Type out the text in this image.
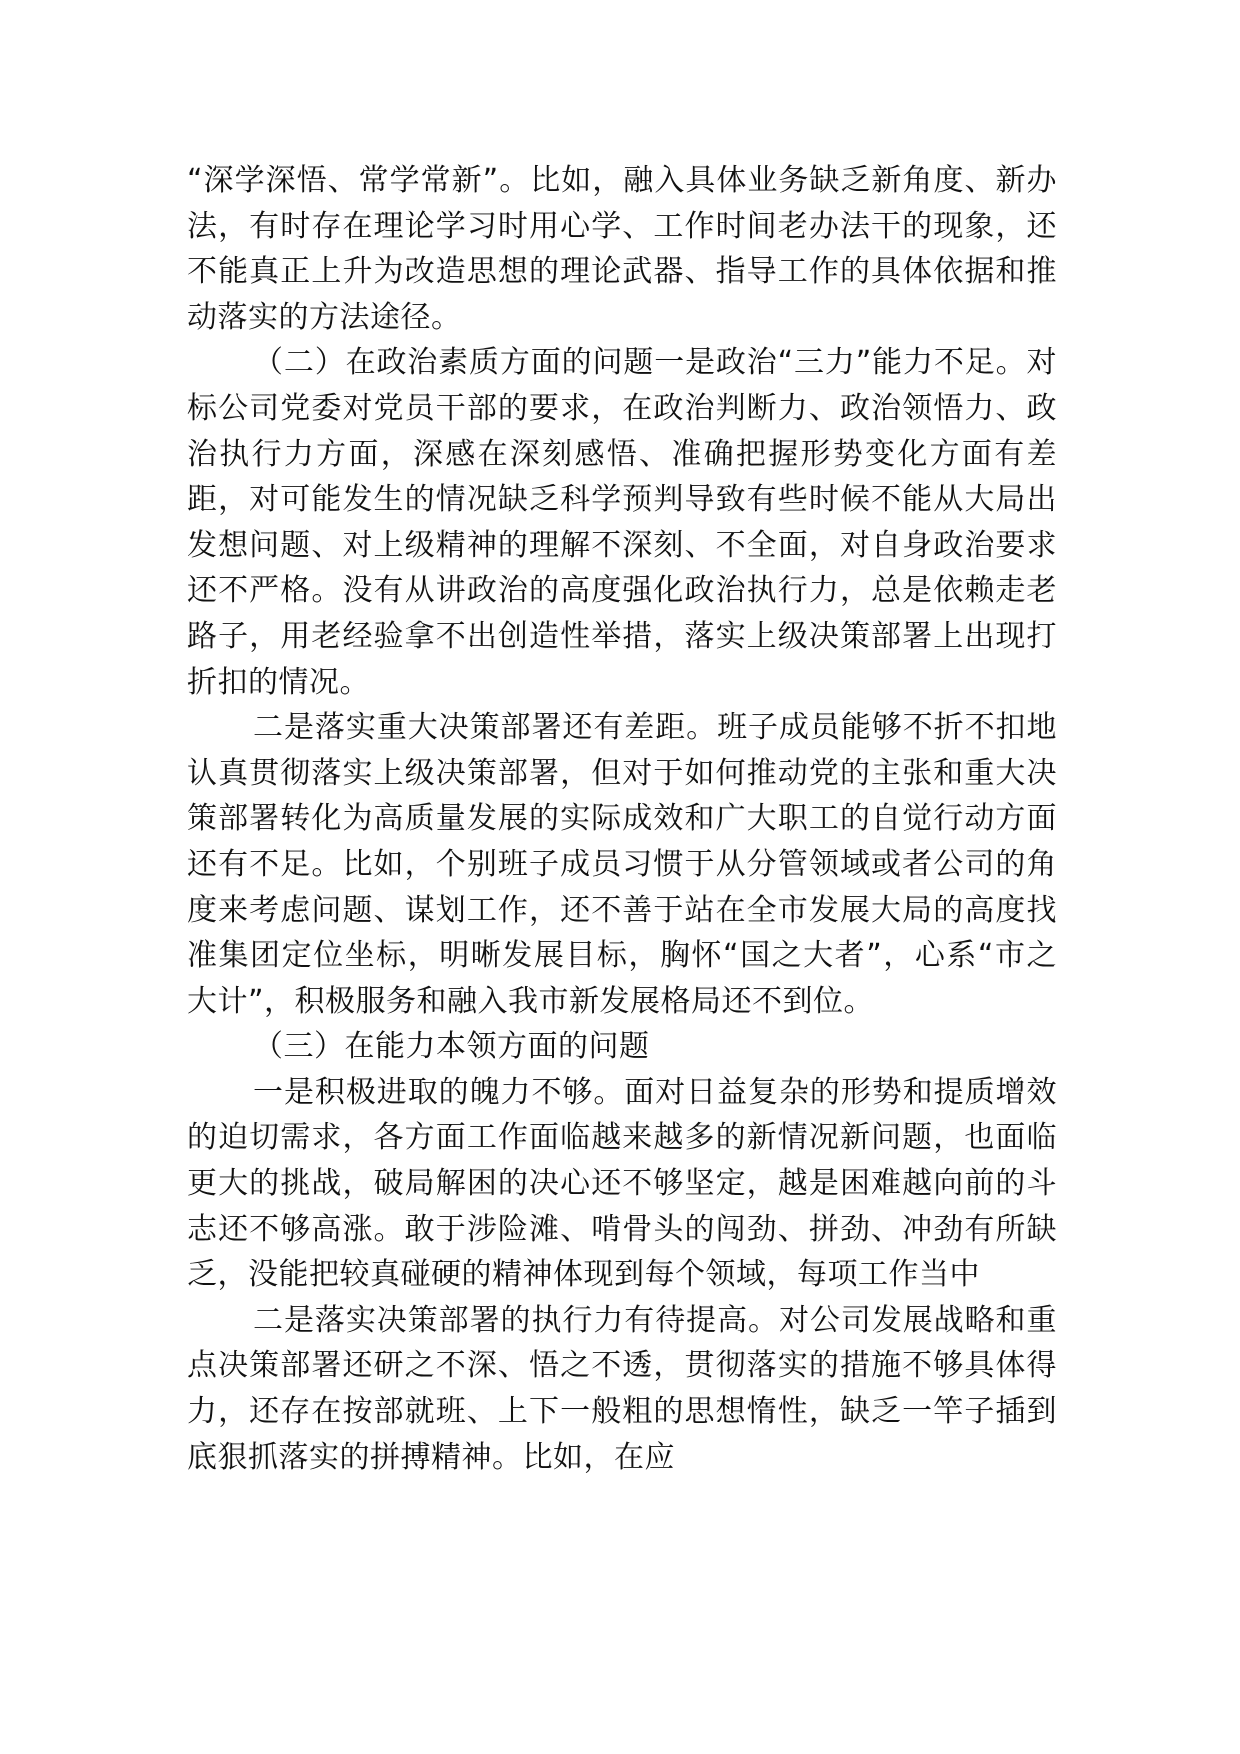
“深学深悟、常学常新”。比如，融入具体业务缺乏新角度、新办法，有时存在理论学习时用心学、工作时间老办法干的现象，还不能真正上升为改造思想的理论武器、指导工作的具体依据和推动落实的方法途径。

（二）在政治素质方面的问题一是政治“三力”能力不足。对标公司党委对党员干部的要求，在政治判断力、政治领悟力、政治执行力方面，深感在深刻感悟、准确把握形势变化方面有差距，对可能发生的情况缺乏科学预判导致有些时候不能从大局出发想问题、对上级精神的理解不深刻、不全面，对自身政治要求还不严格。没有从讲政治的高度强化政治执行力，总是依赖走老路子，用老经验拿不出创造性举措，落实上级决策部署上出现打折扣的情况。

二是落实重大决策部署还有差距。班子成员能够不折不扣地认真贯彻落实上级决策部署，但对于如何推动党的主张和重大决策部署转化为高质量发展的实际成效和广大职工的自觉行动方面还有不足。比如，个别班子成员习惯于从分管领域或者公司的角度来考虑问题、谋划工作，还不善于站在全市发展大局的高度找准集团定位坐标，明晰发展目标，胸怀“国之大者”，心系“市之大计”，积极服务和融入我市新发展格局还不到位。

（三）在能力本领方面的问题

一是积极进取的魄力不够。面对日益复杂的形势和提质增效的迫切需求，各方面工作面临越来越多的新情况新问题，也面临更大的挑战，破局解困的决心还不够坚定，越是困难越向前的斗志还不够高涨。敢于涉险滩、啃骨头的闯劲、拼劲、冲劲有所缺乏，没能把较真碰硬的精神体现到每个领域，每项工作当中

二是落实决策部署的执行力有待提高。对公司发展战略和重点决策部署还研之不深、悟之不透，贯彻落实的措施不够具体得力，还存在按部就班、上下一般粗的思想惰性，缺乏一竿子插到底狠抓落实的拼搏精神。比如，在应
